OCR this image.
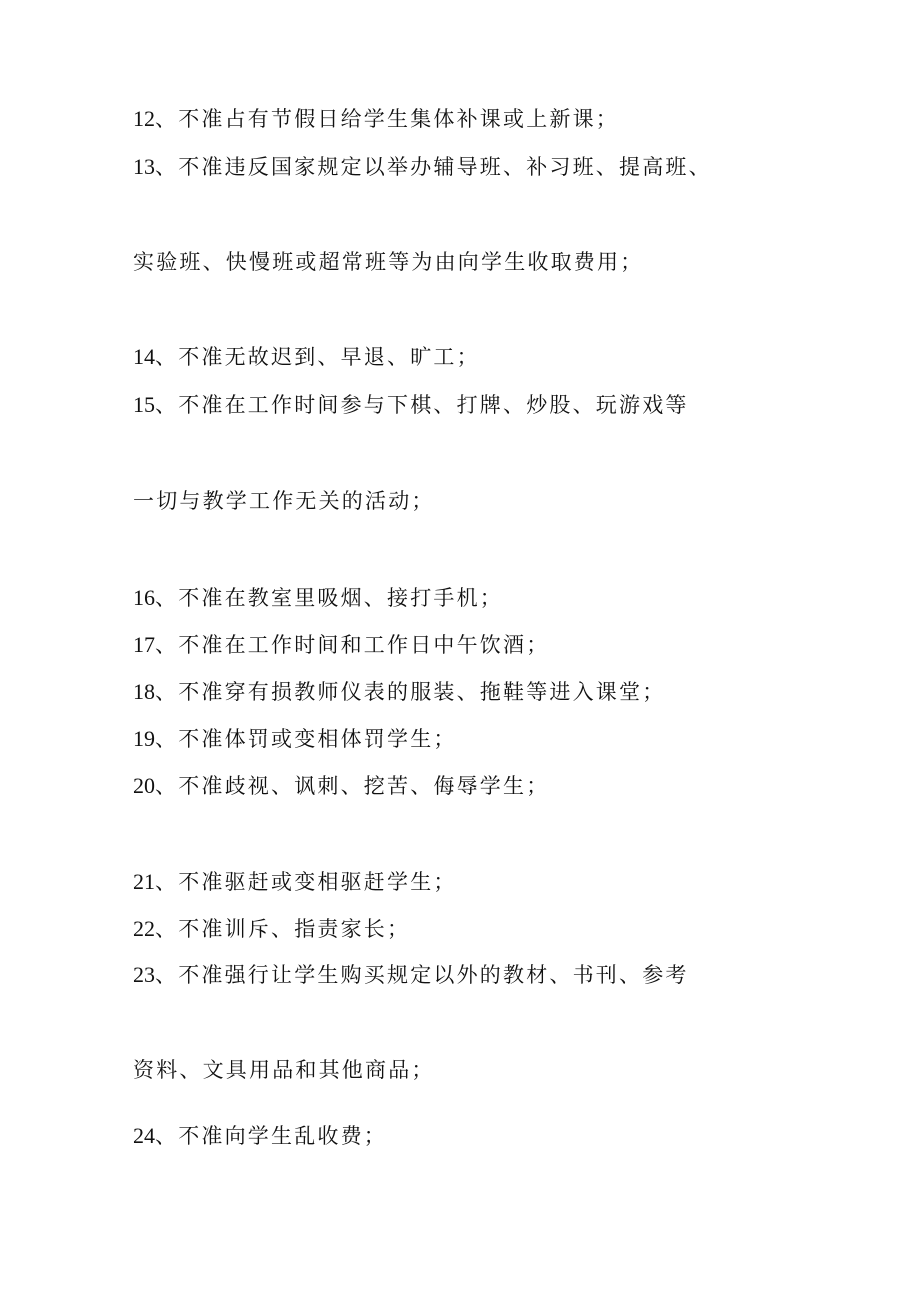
12、不准占有节假日给学生集体补课或上新课；
13、不准违反国家规定以举办辅导班、补习班、提高班、
实验班、快慢班或超常班等为由向学生收取费用；
14、不准无故迟到、早退、旷工；
15、不准在工作时间参与下棋、打牌、炒股、玩游戏等
一切与教学工作无关的活动；
16、不准在教室里吸烟、接打手机；
17、不准在工作时间和工作日中午饮酒；
18、不准穿有损教师仪表的服装、拖鞋等进入课堂；
19、不准体罚或变相体罚学生；
20、不准歧视、讽刺、挖苦、侮辱学生；
21、不准驱赶或变相驱赶学生；
22、不准训斥、指责家长；
23、不准强行让学生购买规定以外的教材、书刊、参考
资料、文具用品和其他商品；
24、不准向学生乱收费；
